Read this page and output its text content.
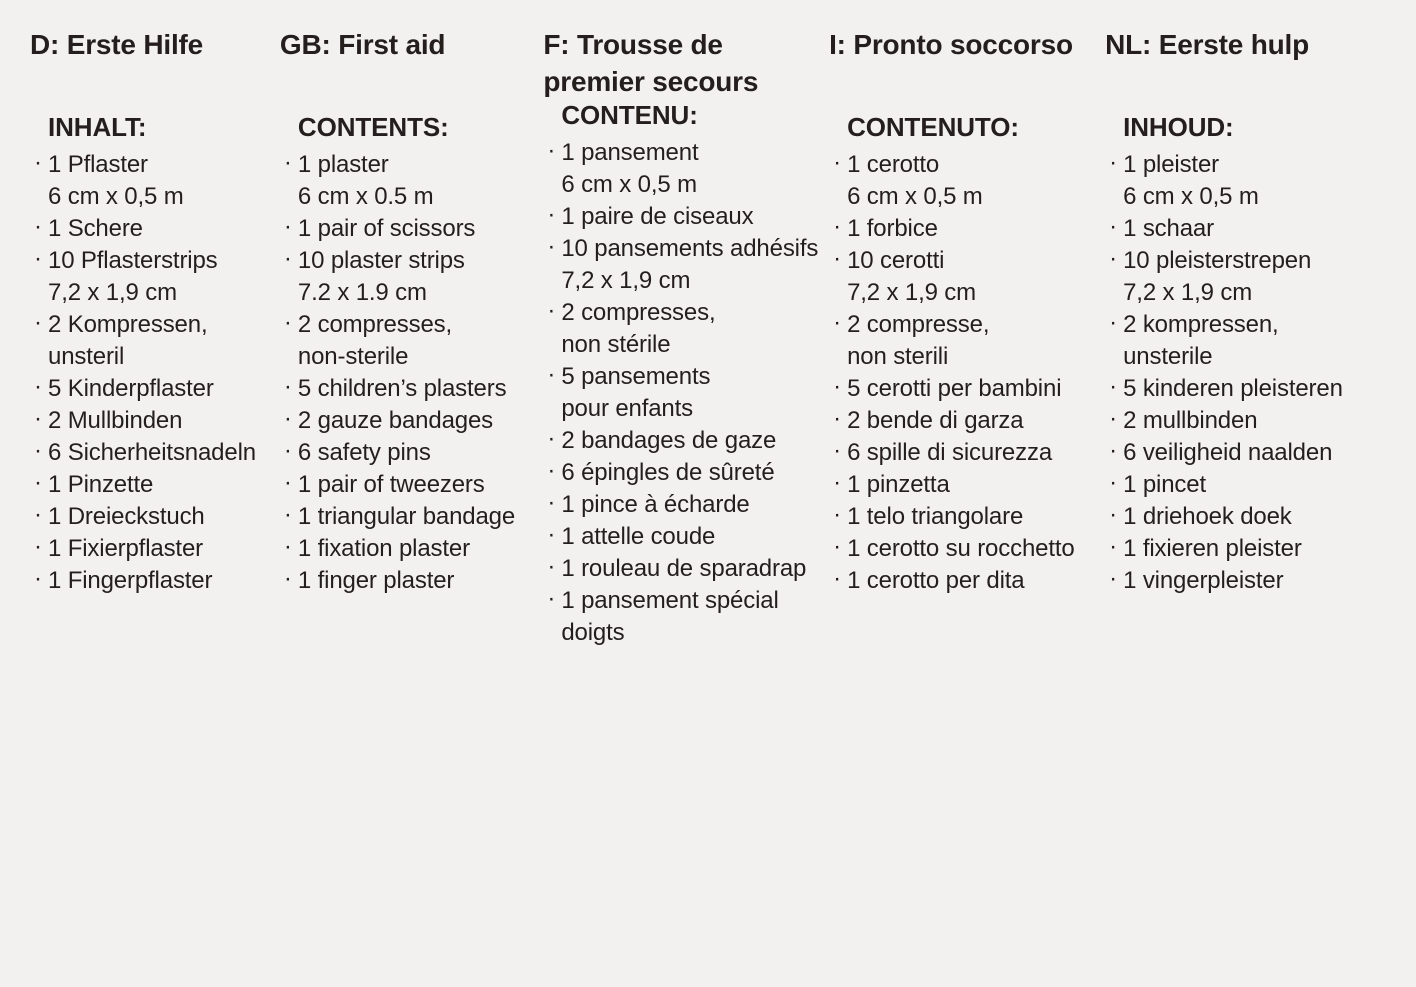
D: Erste Hilfe
INHALT:
· 1 Pflaster
6 cm x 0,5 m
· 1 Schere
· 10 Pflasterstrips
7,2 x 1,9 cm
· 2 Kompressen,
unsteril
· 5 Kinderpflaster
· 2 Mullbinden
· 6 Sicherheitsnadeln
· 1 Pinzette
· 1 Dreieckstuch
· 1 Fixierpflaster
· 1 Fingerpflaster
GB: First aid
CONTENTS:
· 1 plaster
6 cm x 0.5 m
· 1 pair of scissors
· 10 plaster strips
7.2 x 1.9 cm
· 2 compresses,
non-sterile
· 5 children’s plasters
· 2 gauze bandages
· 6 safety pins
· 1 pair of tweezers
· 1 triangular bandage
· 1 fixation plaster
· 1 finger plaster
F: Trousse de premier secours
CONTENU:
· 1 pansement
6 cm x 0,5 m
· 1 paire de ciseaux
· 10 pansements adhésifs
7,2 x 1,9 cm
· 2 compresses,
non stérile
· 5 pansements
pour enfants
· 2 bandages de gaze
· 6 épingles de sûreté
· 1 pince à écharde
· 1 attelle coude
· 1 rouleau de sparadrap
· 1 pansement spécial
doigts
I: Pronto soccorso
CONTENUTO:
· 1 cerotto
6 cm x 0,5 m
· 1 forbice
· 10 cerotti
7,2 x 1,9 cm
· 2 compresse,
non sterili
· 5 cerotti per bambini
· 2 bende di garza
· 6 spille di sicurezza
· 1 pinzetta
· 1 telo triangolare
· 1 cerotto su rocchetto
· 1 cerotto per dita
NL: Eerste hulp
INHOUD:
· 1 pleister
6 cm x 0,5 m
· 1 schaar
· 10 pleisterstrepen
7,2 x 1,9 cm
· 2 kompressen,
unsterile
· 5 kinderen pleisteren
· 2 mullbinden
· 6 veiligheid naalden
· 1 pincet
· 1 driehoek doek
· 1 fixieren pleister
· 1 vingerpleister
